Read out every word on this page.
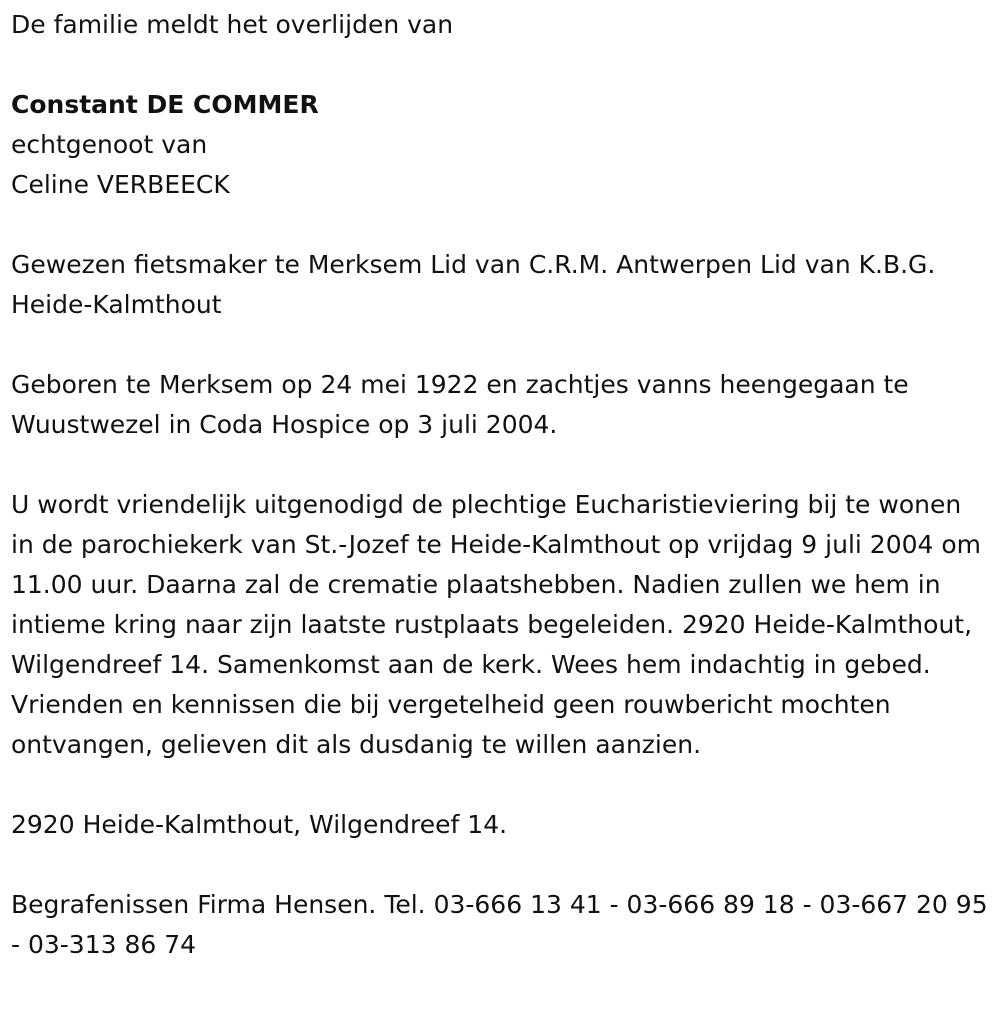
De familie meldt het overlijden van

Constant DE COMMER

echtgenoot van

Celine VERBEECK

Gewezen fietsmaker te Merksem Lid van C.R.M. Antwerpen Lid van K.B.G. Heide-Kalmthout

Geboren te Merksem op 24 mei 1922 en zachtjes vanns heengegaan te Wuustwezel in Coda Hospice op 3 juli 2004.

U wordt vriendelijk uitgenodigd de plechtige Eucharistieviering bij te wonen in de parochiekerk van St.-Jozef te Heide-Kalmthout op vrijdag 9 juli 2004 om 11.00 uur. Daarna zal de crematie plaatshebben. Nadien zullen we hem in intieme kring naar zijn laatste rustplaats begeleiden. 2920 Heide-Kalmthout, Wilgendreef 14. Samenkomst aan de kerk. Wees hem indachtig in gebed. Vrienden en kennissen die bij vergetelheid geen rouwbericht mochten ontvangen, gelieven dit als dusdanig te willen aanzien.

2920 Heide-Kalmthout, Wilgendreef 14.

Begrafenissen Firma Hensen. Tel. 03-666 13 41 - 03-666 89 18 - 03-667 20 95 - 03-313 86 74
